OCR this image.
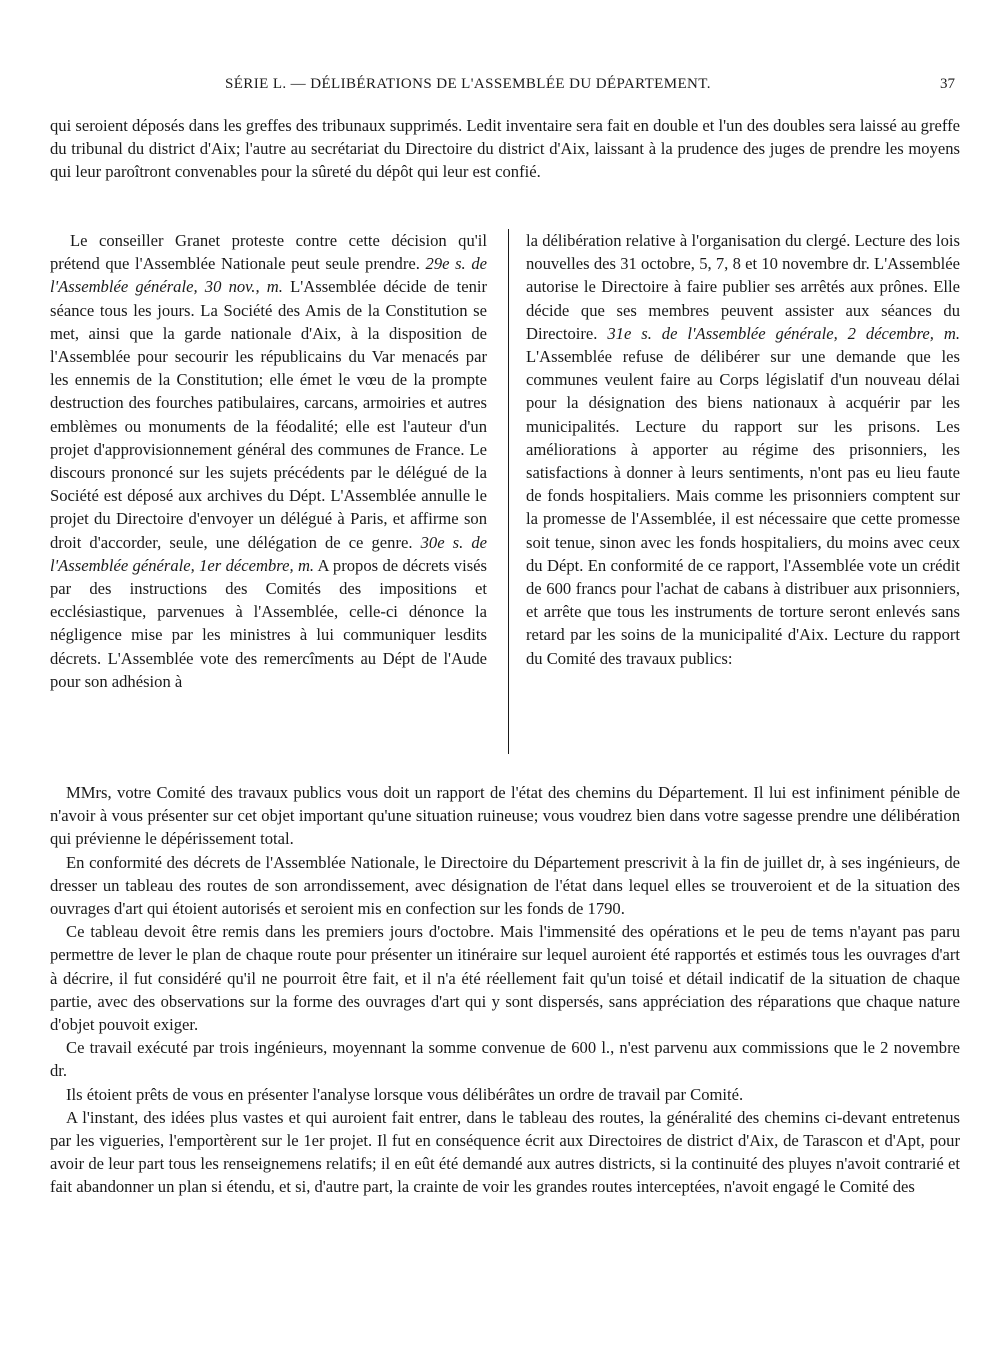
SÉRIE L. — DÉLIBÉRATIONS DE L'ASSEMBLÉE DU DÉPARTEMENT.	37

qui seroient déposés dans les greffes des tribunaux supprimés. Ledit inventaire sera fait en double et l'un des doubles sera laissé au greffe du tribunal du district d'Aix; l'autre au secrétariat du Directoire du district d'Aix, laissant à la prudence des juges de prendre les moyens qui leur paroîtront convenables pour la sûreté du dépôt qui leur est confié.

Le conseiller Granet proteste contre cette décision qu'il prétend que l'Assemblée Nationale peut seule prendre. 29e s. de l'Assemblée générale, 30 nov., m. L'Assemblée décide de tenir séance tous les jours. La Société des Amis de la Constitution se met, ainsi que la garde nationale d'Aix, à la disposition de l'Assemblée pour secourir les républicains du Var menacés par les ennemis de la Constitution; elle émet le vœu de la prompte destruction des fourches patibulaires, carcans, armoiries et autres emblèmes ou monuments de la féodalité; elle est l'auteur d'un projet d'approvisionnement général des communes de France. Le discours prononcé sur les sujets précédents par le délégué de la Société est déposé aux archives du Dépt. L'Assemblée annulle le projet du Directoire d'envoyer un délégué à Paris, et affirme son droit d'accorder, seule, une délégation de ce genre. 30e s. de l'Assemblée générale, 1er décembre, m. A propos de décrets visés par des instructions des Comités des impositions et ecclésiastique, parvenues à l'Assemblée, celle-ci dénonce la négligence mise par les ministres à lui communiquer lesdits décrets. L'Assemblée vote des remercîments au Dépt de l'Aude pour son adhésion à

la délibération relative à l'organisation du clergé. Lecture des lois nouvelles des 31 octobre, 5, 7, 8 et 10 novembre dr. L'Assemblée autorise le Directoire à faire publier ses arrêtés aux prônes. Elle décide que ses membres peuvent assister aux séances du Directoire. 31e s. de l'Assemblée générale, 2 décembre, m. L'Assemblée refuse de délibérer sur une demande que les communes veulent faire au Corps législatif d'un nouveau délai pour la désignation des biens nationaux à acquérir par les municipalités. Lecture du rapport sur les prisons. Les améliorations à apporter au régime des prisonniers, les satisfactions à donner à leurs sentiments, n'ont pas eu lieu faute de fonds hospitaliers. Mais comme les prisonniers comptent sur la promesse de l'Assemblée, il est nécessaire que cette promesse soit tenue, sinon avec les fonds hospitaliers, du moins avec ceux du Dépt. En conformité de ce rapport, l'Assemblée vote un crédit de 600 francs pour l'achat de cabans à distribuer aux prisonniers, et arrête que tous les instruments de torture seront enlevés sans retard par les soins de la municipalité d'Aix. Lecture du rapport du Comité des travaux publics:

MMrs, votre Comité des travaux publics vous doit un rapport de l'état des chemins du Département. Il lui est infiniment pénible de n'avoir à vous présenter sur cet objet important qu'une situation ruineuse; vous voudrez bien dans votre sagesse prendre une délibération qui prévienne le dépérissement total.

En conformité des décrets de l'Assemblée Nationale, le Directoire du Département prescrivit à la fin de juillet dr, à ses ingénieurs, de dresser un tableau des routes de son arrondissement, avec désignation de l'état dans lequel elles se trouveroient et de la situation des ouvrages d'art qui étoient autorisés et seroient mis en confection sur les fonds de 1790.

Ce tableau devoit être remis dans les premiers jours d'octobre. Mais l'immensité des opérations et le peu de tems n'ayant pas paru permettre de lever le plan de chaque route pour présenter un itinéraire sur lequel auroient été rapportés et estimés tous les ouvrages d'art à décrire, il fut considéré qu'il ne pourroit être fait, et il n'a été réellement fait qu'un toisé et détail indicatif de la situation de chaque partie, avec des observations sur la forme des ouvrages d'art qui y sont dispersés, sans appréciation des réparations que chaque nature d'objet pouvoit exiger.

Ce travail exécuté par trois ingénieurs, moyennant la somme convenue de 600 l., n'est parvenu aux commissions que le 2 novembre dr.

Ils étoient prêts de vous en présenter l'analyse lorsque vous délibérâtes un ordre de travail par Comité.

A l'instant, des idées plus vastes et qui auroient fait entrer, dans le tableau des routes, la généralité des chemins ci-devant entretenus par les vigueries, l'emportèrent sur le 1er projet. Il fut en conséquence écrit aux Directoires de district d'Aix, de Tarascon et d'Apt, pour avoir de leur part tous les renseignemens relatifs; il en eût été demandé aux autres districts, si la continuité des pluyes n'avoit contrarié et fait abandonner un plan si étendu, et si, d'autre part, la crainte de voir les grandes routes interceptées, n'avoit engagé le Comité des
